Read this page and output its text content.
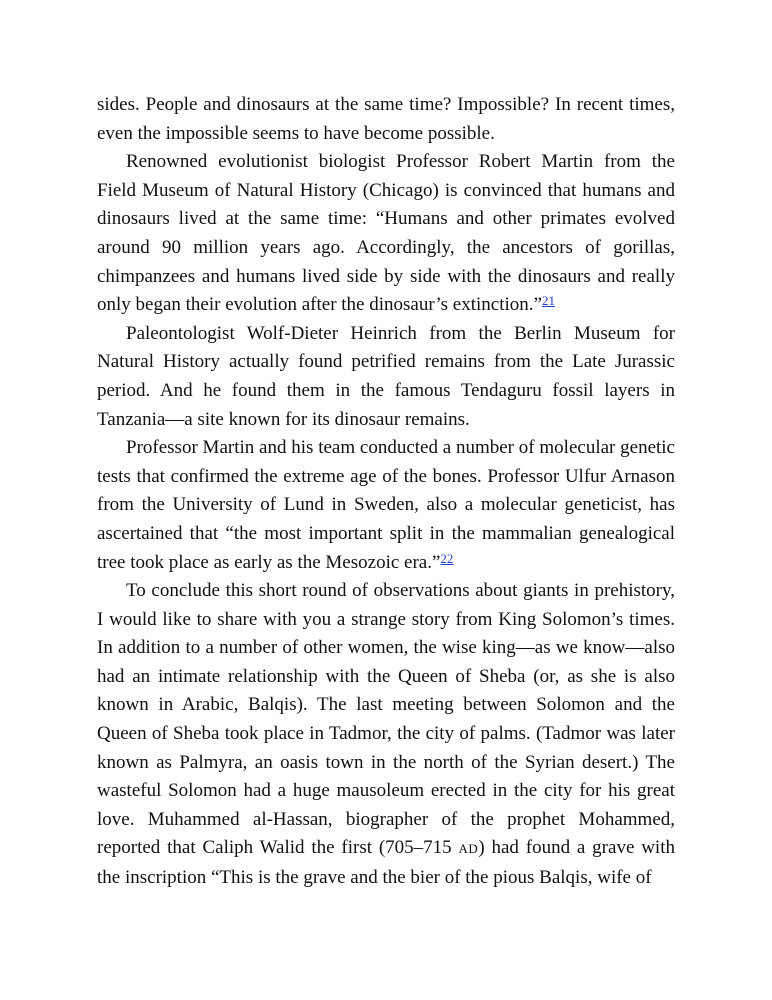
sides. People and dinosaurs at the same time? Impossible? In recent times, even the impossible seems to have become possible.

Renowned evolutionist biologist Professor Robert Martin from the Field Museum of Natural History (Chicago) is convinced that humans and dinosaurs lived at the same time: “Humans and other primates evolved around 90 million years ago. Accordingly, the ancestors of gorillas, chimpanzees and humans lived side by side with the dinosaurs and really only began their evolution after the dinosaur’s extinction.”$^{21}$

Paleontologist Wolf-Dieter Heinrich from the Berlin Museum for Natural History actually found petrified remains from the Late Jurassic period. And he found them in the famous Tendaguru fossil layers in Tanzania—a site known for its dinosaur remains.

Professor Martin and his team conducted a number of molecular genetic tests that confirmed the extreme age of the bones. Professor Ulfur Arnason from the University of Lund in Sweden, also a molecular geneticist, has ascertained that “the most important split in the mammalian genealogical tree took place as early as the Mesozoic era.”$^{22}$

To conclude this short round of observations about giants in prehistory, I would like to share with you a strange story from King Solomon’s times. In addition to a number of other women, the wise king—as we know—also had an intimate relationship with the Queen of Sheba (or, as she is also known in Arabic, Balqis). The last meeting between Solomon and the Queen of Sheba took place in Tadmor, the city of palms. (Tadmor was later known as Palmyra, an oasis town in the north of the Syrian desert.) The wasteful Solomon had a huge mausoleum erected in the city for his great love. Muhammed al-Hassan, biographer of the prophet Mohammed, reported that Caliph Walid the first (705–715 AD) had found a grave with the inscription “This is the grave and the bier of the pious Balqis, wife of
